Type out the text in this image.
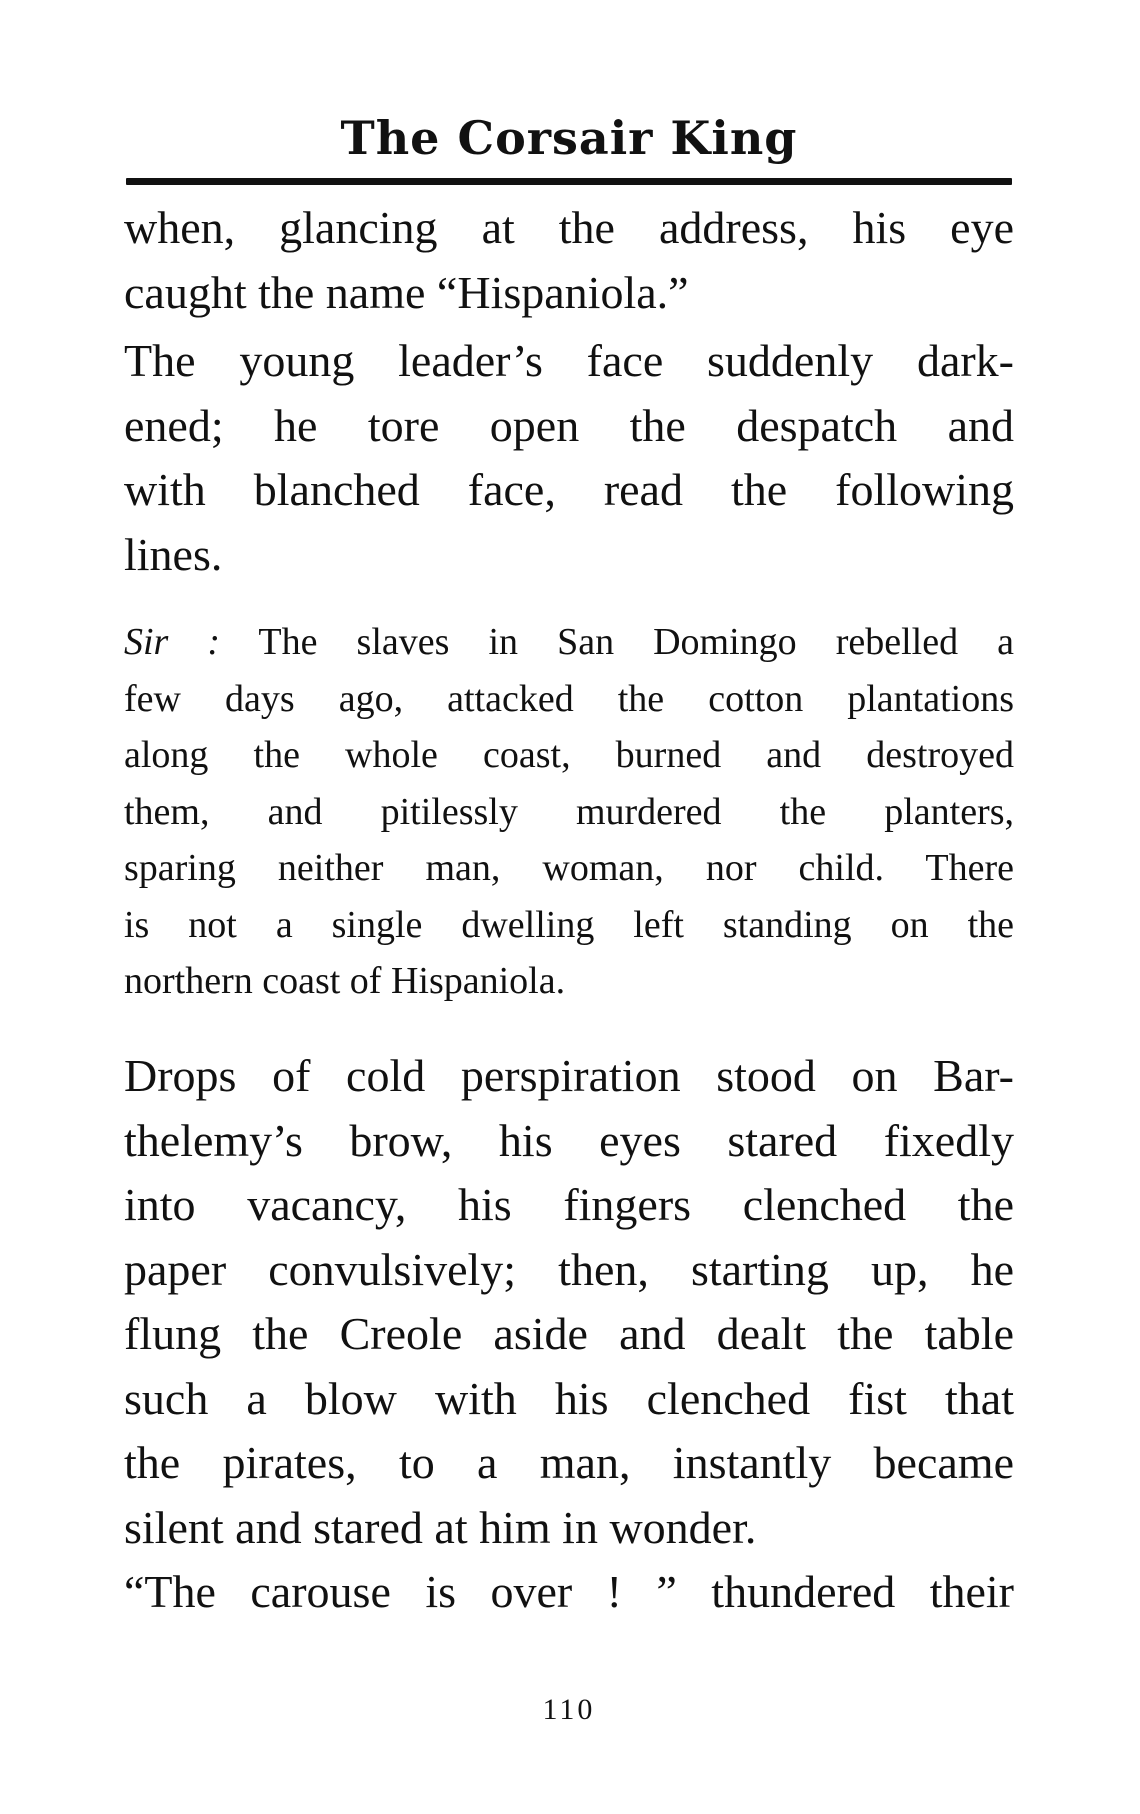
The Corsair King
when, glancing at the address, his eye
caught the name “Hispaniola.”
The young leader’s face suddenly dark-
ened; he tore open the despatch and
with blanched face, read the following
lines.
Sir : The slaves in San Domingo rebelled a
few days ago, attacked the cotton plantations
along the whole coast, burned and destroyed
them, and pitilessly murdered the planters,
sparing neither man, woman, nor child. There
is not a single dwelling left standing on the
northern coast of Hispaniola.
Drops of cold perspiration stood on Bar-
thelemy’s brow, his eyes stared fixedly
into vacancy, his fingers clenched the
paper convulsively; then, starting up, he
flung the Creole aside and dealt the table
such a blow with his clenched fist that
the pirates, to a man, instantly became
silent and stared at him in wonder.
“The carouse is over ! ” thundered their
110
